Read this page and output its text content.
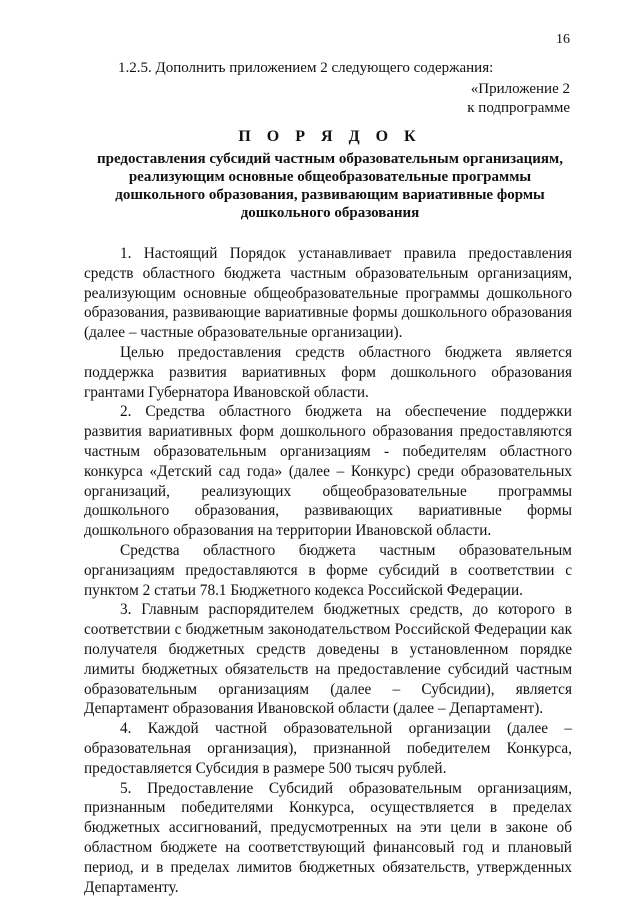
16
1.2.5. Дополнить приложением 2 следующего содержания:
«Приложение 2
к подпрограмме
П О Р Я Д О К
предоставления субсидий частным образовательным организациям, реализующим основные общеобразовательные программы дошкольного образования, развивающим вариативные формы дошкольного образования

1. Настоящий Порядок устанавливает правила предоставления средств областного бюджета частным образовательным организациям, реализующим основные общеобразовательные программы дошкольного образования, развивающие вариативные формы дошкольного образования (далее – частные образовательные организации).

Целью предоставления средств областного бюджета является поддержка развития вариативных форм дошкольного образования грантами Губернатора Ивановской области.

2. Средства областного бюджета на обеспечение поддержки развития вариативных форм дошкольного образования предоставляются частным образовательным организациям - победителям областного конкурса «Детский сад года» (далее – Конкурс) среди образовательных организаций, реализующих общеобразовательные программы дошкольного образования, развивающих вариативные формы дошкольного образования на территории Ивановской области.

Средства областного бюджета частным образовательным организациям предоставляются в форме субсидий в соответствии с пунктом 2 статьи 78.1 Бюджетного кодекса Российской Федерации.

3. Главным распорядителем бюджетных средств, до которого в соответствии с бюджетным законодательством Российской Федерации как получателя бюджетных средств доведены в установленном порядке лимиты бюджетных обязательств на предоставление субсидий частным образовательным организациям (далее – Субсидии), является Департамент образования Ивановской области (далее – Департамент).

4. Каждой частной образовательной организации (далее – образовательная организация), признанной победителем Конкурса, предоставляется Субсидия в размере 500 тысяч рублей.

5. Предоставление Субсидий образовательным организациям, признанным победителями Конкурса, осуществляется в пределах бюджетных ассигнований, предусмотренных на эти цели в законе об областном бюджете на соответствующий финансовый год и плановый период, и в пределах лимитов бюджетных обязательств, утвержденных Департаменту.
